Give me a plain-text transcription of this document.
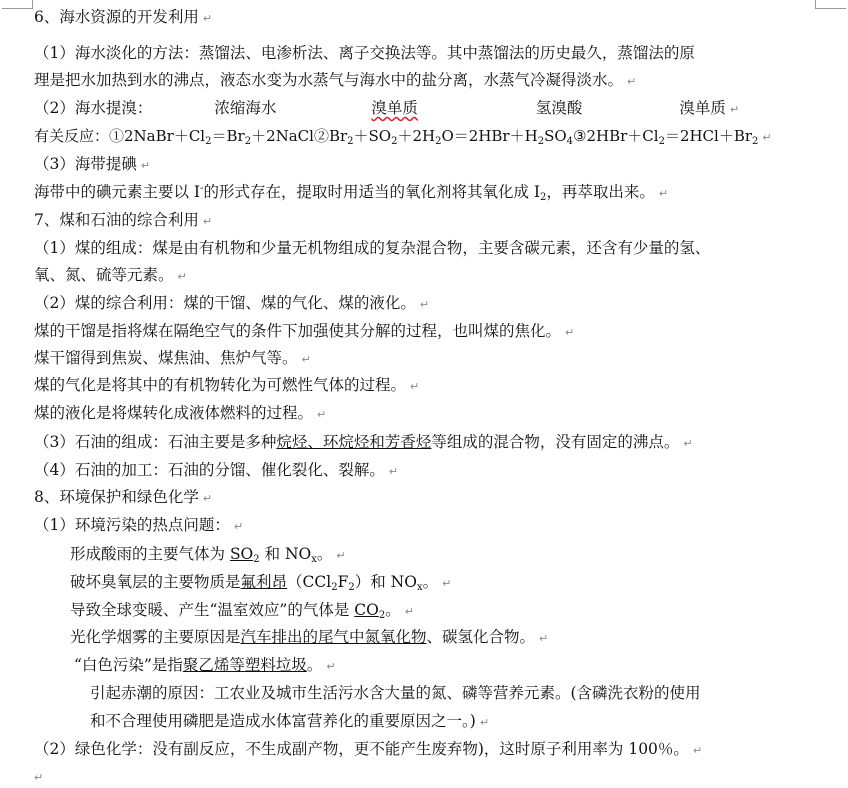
6、海水资源的开发利用 ↵
（1）海水淡化的方法：蒸馏法、电渗析法、离子交换法等。其中蒸馏法的历史最久，蒸馏法的原
理是把水加热到水的沸点，液态水变为水蒸气与海水中的盐分离，水蒸气冷凝得淡水。 ↵
（2）海水提溴：	浓缩海水	溴单质	氢溴酸	溴单质 ↵
有关反应：$①2NaBr+Cl_2=Br_2+2NaCl②Br_2+SO_2+2H_2O=2HBr+H_2SO_4③2HBr+Cl_2=2HCl+Br_2$ ↵
（3）海带提碘 ↵
海带中的碘元素主要以 I-的形式存在，提取时用适当的氧化剂将其氧化成 $I_2$，再萃取出来。 ↵
7、煤和石油的综合利用 ↵
（1）煤的组成：煤是由有机物和少量无机物组成的复杂混合物，主要含碳元素，还含有少量的氢、
氧、氮、硫等元素。 ↵
（2）煤的综合利用：煤的干馏、煤的气化、煤的液化。 ↵
煤的干馏是指将煤在隔绝空气的条件下加强使其分解的过程，也叫煤的焦化。 ↵
煤干馏得到焦炭、煤焦油、焦炉气等。 ↵
煤的气化是将其中的有机物转化为可燃性气体的过程。 ↵
煤的液化是将煤转化成液体燃料的过程。 ↵
（3）石油的组成：石油主要是多种烷烃、环烷烃和芳香烃等组成的混合物，没有固定的沸点。 ↵
（4）石油的加工：石油的分馏、催化裂化、裂解。 ↵
8、环境保护和绿色化学 ↵
（1）环境污染的热点问题： ↵
形成酸雨的主要气体为 $SO_2$ 和 $NO_x$。 ↵
破坏臭氧层的主要物质是氟利昂$(CCl_2F_2)$和 $NO_x$。 ↵
导致全球变暖、产生“温室效应”的气体是 $CO_2$。 ↵
光化学烟雾的主要原因是汽车排出的尾气中氮氧化物、碳氢化合物。 ↵
“白色污染”是指聚乙烯等塑料垃圾。 ↵
引起赤潮的原因：工农业及城市生活污水含大量的氮、磷等营养元素。(含磷洗衣粉的使用
和不合理使用磷肥是造成水体富营养化的重要原因之一。) ↵
（2）绿色化学：没有副反应，不生成副产物，更不能产生废弃物)，这时原子利用率为 100％。 ↵
↵
